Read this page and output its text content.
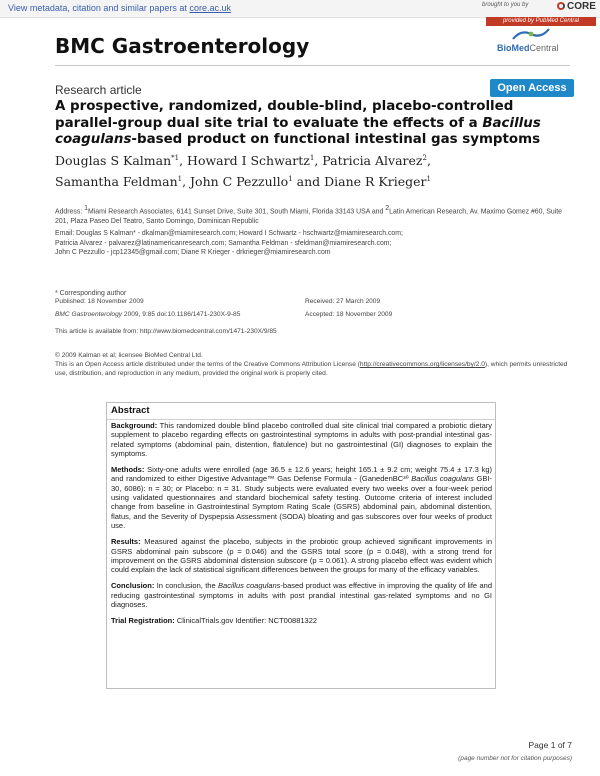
View metadata, citation and similar papers at core.ac.uk	brought to you by	CORE
provided by PubMed Central
BMC Gastroenterology	BioMedCentral
Research article	Open Access
A prospective, randomized, double-blind, placebo-controlled
parallel-group dual site trial to evaluate the effects of a Bacillus
coagulans-based product on functional intestinal gas symptoms
Douglas S Kalman$^{*1}$, Howard I Schwartz$^1$, Patricia Alvarez$^2$,
Samantha Feldman$^1$, John C Pezzullo$^1$ and Diane R Krieger$^1$
Address: $^1$Miami Research Associates, 6141 Sunset Drive, Suite 301, South Miami, Florida 33143 USA and $^2$Latin American Research, Av. Maximo Gomez #60, Suite 201, Plaza Paseo Del Teatro, Santo Domingo, Dominican Republic
Email: Douglas S Kalman* - dkalman@miamiresearch.com; Howard I Schwartz - hschwartz@miamiresearch.com;
Patricia Alvarez - palvarez@latinamericanresearch.com; Samantha Feldman - sfeldman@miamiresearch.com;
John C Pezzullo - jcp12345@gmail.com; Diane R Krieger - drkrieger@miamiresearch.com
* Corresponding author
Published: 18 November 2009	Received: 27 March 2009
BMC Gastroenterology 2009, 9:85 doi:10.1186/1471-230X-9-85	Accepted: 18 November 2009
This article is available from: http://www.biomedcentral.com/1471-230X/9/85
© 2009 Kalman et al; licensee BioMed Central Ltd.
This is an Open Access article distributed under the terms of the Creative Commons Attribution License (http://creativecommons.org/licenses/by/2.0), which permits unrestricted use, distribution, and reproduction in any medium, provided the original work is properly cited.
Abstract

Background: This randomized double blind placebo controlled dual site clinical trial compared a probiotic dietary supplement to placebo regarding effects on gastrointestinal symptoms in adults with post-prandial intestinal gas-related symptoms (abdominal pain, distention, flatulence) but no gastrointestinal (GI) diagnoses to explain the symptoms.

Methods: Sixty-one adults were enrolled (age 36.5 ± 12.6 years; height 165.1 ± 9.2 cm; weight 75.4 ± 17.3 kg) and randomized to either Digestive Advantage™ Gas Defense Formula - (GanedenBC³⁰ Bacillus coagulans GBI-30, 6086): n = 30; or Placebo: n = 31. Study subjects were evaluated every two weeks over a four-week period using validated questionnaires and standard biochemical safety testing. Outcome criteria of interest included change from baseline in Gastrointestinal Symptom Rating Scale (GSRS) abdominal pain, abdominal distention, flatus, and the Severity of Dyspepsia Assessment (SODA) bloating and gas subscores over four weeks of product use.

Results: Measured against the placebo, subjects in the probiotic group achieved significant improvements in GSRS abdominal pain subscore (p = 0.046) and the GSRS total score (p = 0.048), with a strong trend for improvement on the GSRS abdominal distension subscore (p = 0.061). A strong placebo effect was evident which could explain the lack of statistical significant differences between the groups for many of the efficacy variables.

Conclusion: In conclusion, the Bacillus coagulans-based product was effective in improving the quality of life and reducing gastrointestinal symptoms in adults with post prandial intestinal gas-related symptoms and no GI diagnoses.

Trial Registration: ClinicalTrials.gov Identifier: NCT00881322

Page 1 of 7
(page number not for citation purposes)
